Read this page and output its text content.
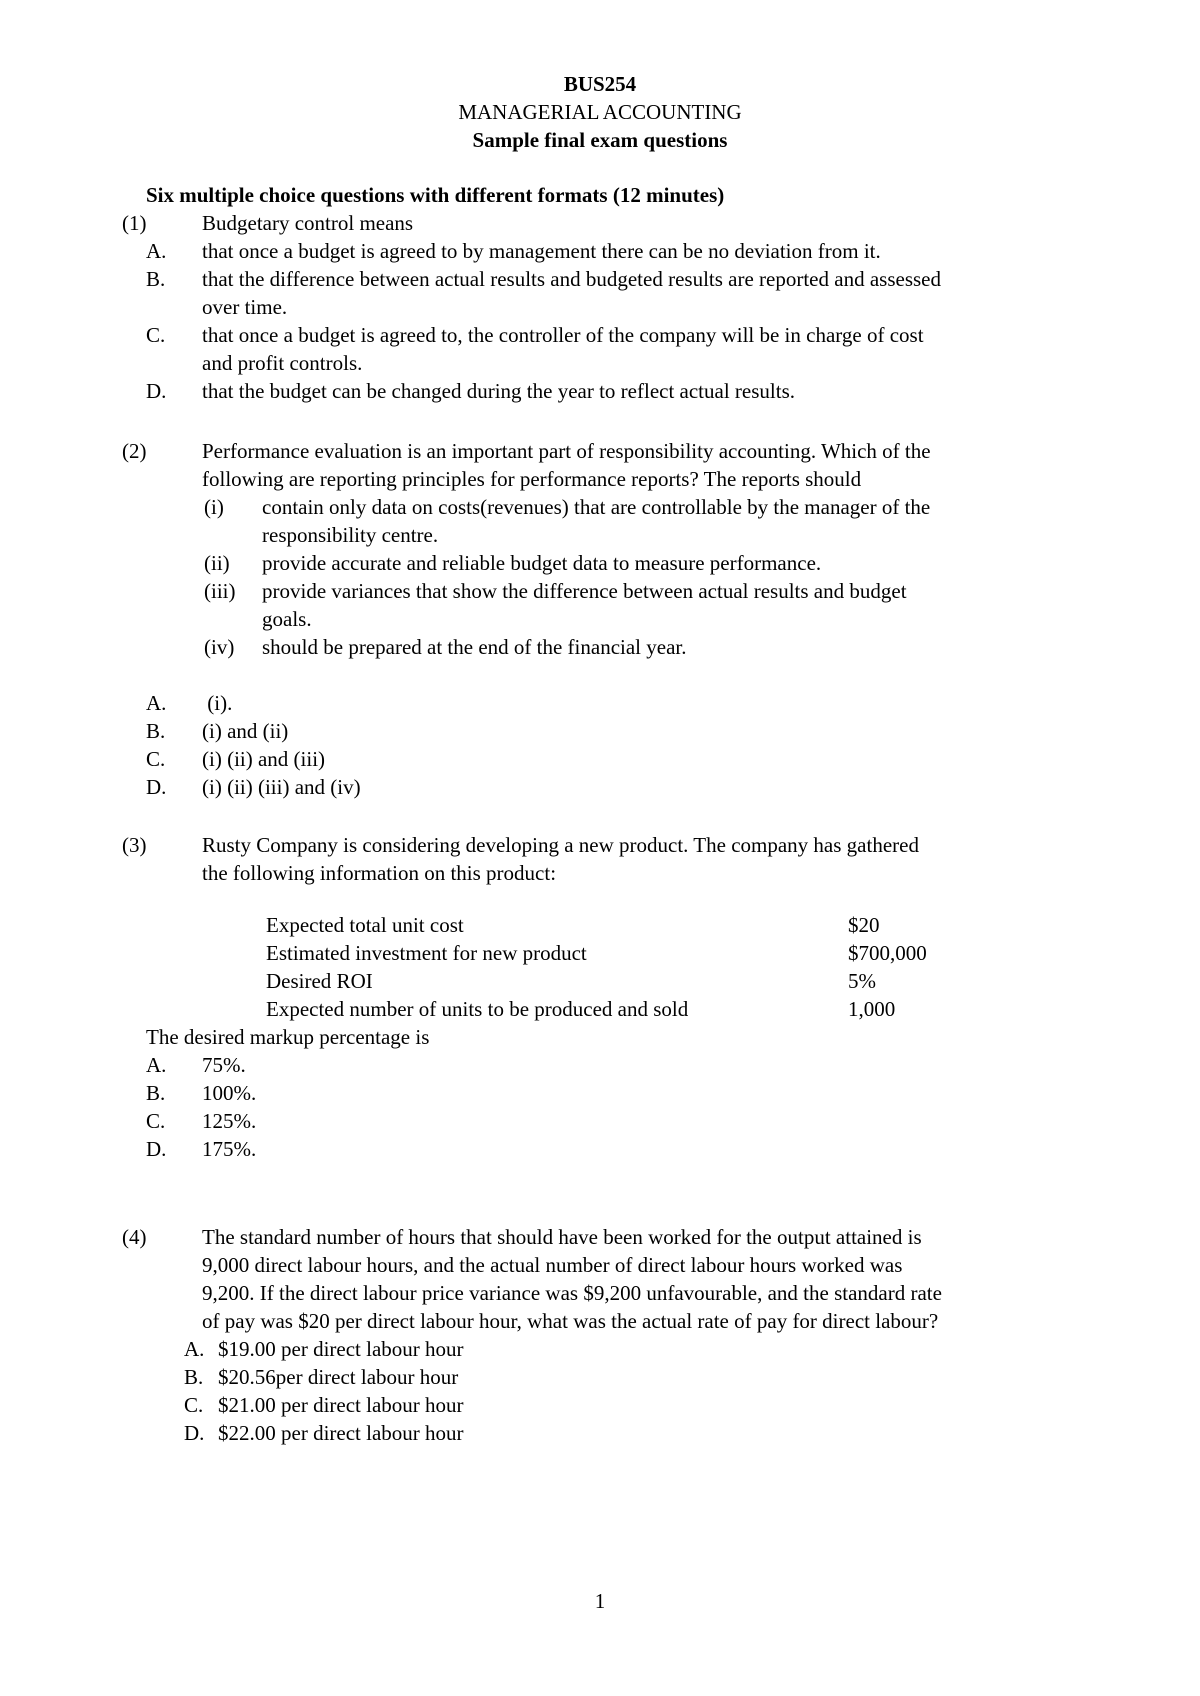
BUS254
MANAGERIAL ACCOUNTING
Sample final exam questions
Six multiple choice questions with different formats (12 minutes)
(1)	Budgetary control means
A. that once a budget is agreed to by management there can be no deviation from it.
B. that the difference between actual results and budgeted results are reported and assessed
over time.
C. that once a budget is agreed to, the controller of the company will be in charge of cost
and profit controls.
D. that the budget can be changed during the year to reflect actual results.
(2)	Performance evaluation is an important part of responsibility accounting. Which of the
following are reporting principles for performance reports? The reports should
(i) contain only data on costs(revenues) that are controllable by the manager of the
responsibility centre.
(ii) provide accurate and reliable budget data to measure performance.
(iii) provide variances that show the difference between actual results and budget
goals.
(iv) should be prepared at the end of the financial year.
A. (i).
B. (i) and (ii)
C. (i) (ii) and (iii)
D. (i) (ii) (iii) and (iv)
(3)	Rusty Company is considering developing a new product. The company has gathered
the following information on this product:
Expected total unit cost	$20
Estimated investment for new product	$700,000
Desired ROI	5%
Expected number of units to be produced and sold	1,000
The desired markup percentage is
A. 75%.
B. 100%.
C. 125%.
D. 175%.
(4)	The standard number of hours that should have been worked for the output attained is
9,000 direct labour hours, and the actual number of direct labour hours worked was
9,200. If the direct labour price variance was $9,200 unfavourable, and the standard rate
of pay was $20 per direct labour hour, what was the actual rate of pay for direct labour?
A. $19.00 per direct labour hour
B. $20.56per direct labour hour
C. $21.00 per direct labour hour
D. $22.00 per direct labour hour
1
